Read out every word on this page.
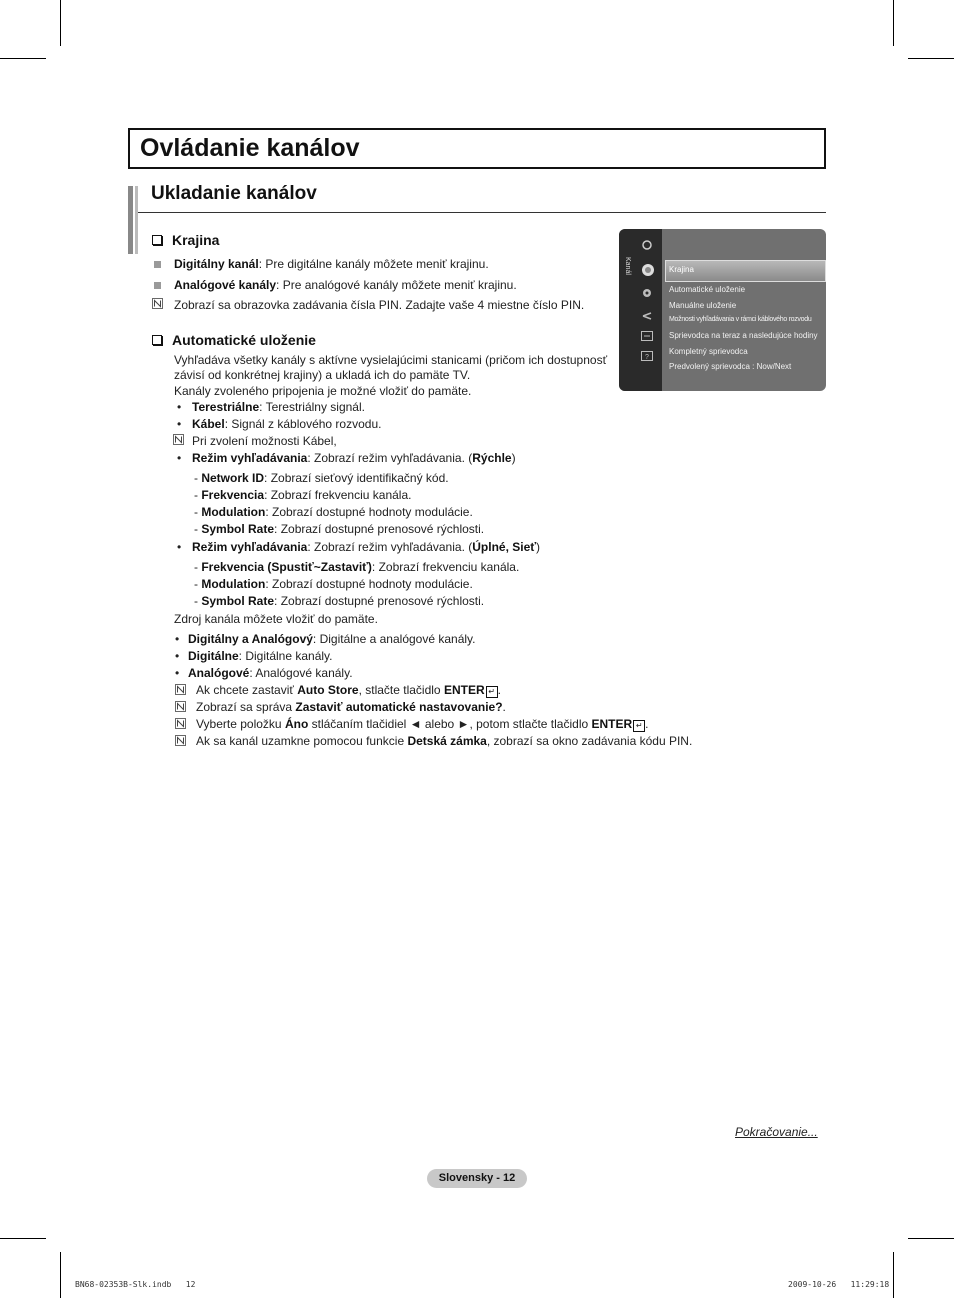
Ovládanie kanálov
Ukladanie kanálov
Krajina
Digitálny kanál: Pre digitálne kanály môžete meniť krajinu.
Analógové kanály: Pre analógové kanály môžete meniť krajinu.
Zobrazí sa obrazovka zadávania čísla PIN. Zadajte vaše 4 miestne číslo PIN.
Automatické uloženie
Vyhľadáva všetky kanály s aktívne vysielajúcimi stanicami (pričom ich dostupnosť
závisí od konkrétnej krajiny) a ukladá ich do pamäte TV.
Kanály zvoleného pripojenia je možné vložiť do pamäte.
• Terestriálne: Terestriálny signál.
• Kábel: Signál z káblového rozvodu.
Pri zvolení možnosti Kábel,
• Režim vyhľadávania: Zobrazí režim vyhľadávania. (Rýchle)
- Network ID: Zobrazí sieťový identifikačný kód.
- Frekvencia: Zobrazí frekvenciu kanála.
- Modulation: Zobrazí dostupné hodnoty modulácie.
- Symbol Rate: Zobrazí dostupné prenosové rýchlosti.
• Režim vyhľadávania: Zobrazí režim vyhľadávania. (Úplné, Sieť)
- Frekvencia (Spustiť~Zastaviť): Zobrazí frekvenciu kanála.
- Modulation: Zobrazí dostupné hodnoty modulácie.
- Symbol Rate: Zobrazí dostupné prenosové rýchlosti.
Zdroj kanála môžete vložiť do pamäte.
• Digitálny a Analógový: Digitálne a analógové kanály.
• Digitálne: Digitálne kanály.
• Analógové: Analógové kanály.
Ak chcete zastaviť Auto Store, stlačte tlačidlo ENTER ↵ .
Zobrazí sa správa Zastaviť automatické nastavovanie?.
Vyberte položku Áno stláčaním tlačidiel ◄ alebo ►, potom stlačte tlačidlo ENTER ↵ .
Ak sa kanál uzamkne pomocou funkcie Detská zámka, zobrazí sa okno zadávania kódu PIN.
Kanál
?
Krajina
Automatické uloženie
Manuálne uloženie
Možnosti vyhľadávania v rámci káblového rozvodu
Sprievodca na teraz a nasledujúce hodiny
Kompletný sprievodca
Predvolený sprievodca : Now/Next
Pokračovanie...
Slovensky - 12
BN68-02353B-Slk.indb   12	2009-10-26   11:29:18
